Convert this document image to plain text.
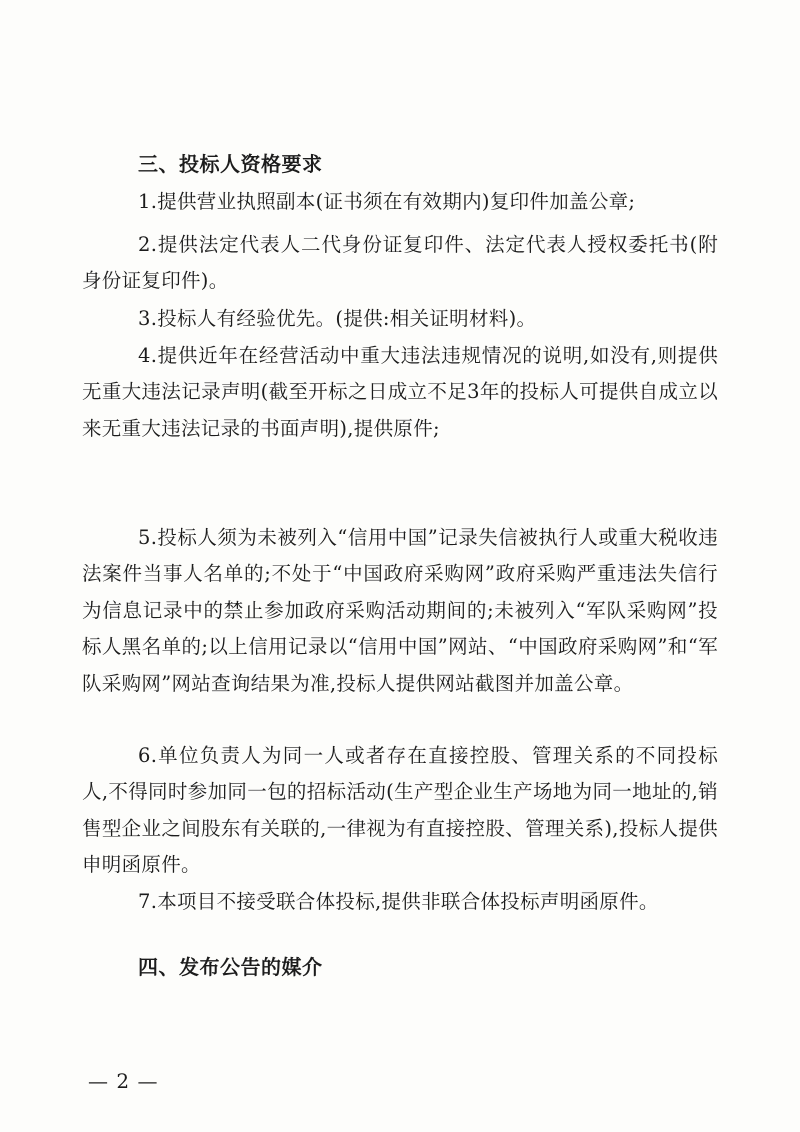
三、投标人资格要求

1.提供营业执照副本(证书须在有效期内)复印件加盖公章;

2.提供法定代表人二代身份证复印件、法定代表人授权委托书(附身份证复印件)。

3.投标人有经验优先。(提供:相关证明材料)。

4.提供近年在经营活动中重大违法违规情况的说明,如没有,则提供无重大违法记录声明(截至开标之日成立不足3年的投标人可提供自成立以来无重大违法记录的书面声明),提供原件;

5.投标人须为未被列入“信用中国”记录失信被执行人或重大税收违法案件当事人名单的;不处于“中国政府采购网”政府采购严重违法失信行为信息记录中的禁止参加政府采购活动期间的;未被列入“军队采购网”投标人黑名单的;以上信用记录以“信用中国”网站、“中国政府采购网”和“军队采购网”网站查询结果为准,投标人提供网站截图并加盖公章。

6.单位负责人为同一人或者存在直接控股、管理关系的不同投标人,不得同时参加同一包的招标活动(生产型企业生产场地为同一地址的,销售型企业之间股东有关联的,一律视为有直接控股、管理关系),投标人提供申明函原件。

7.本项目不接受联合体投标,提供非联合体投标声明函原件。

四、发布公告的媒介
— 2 —
